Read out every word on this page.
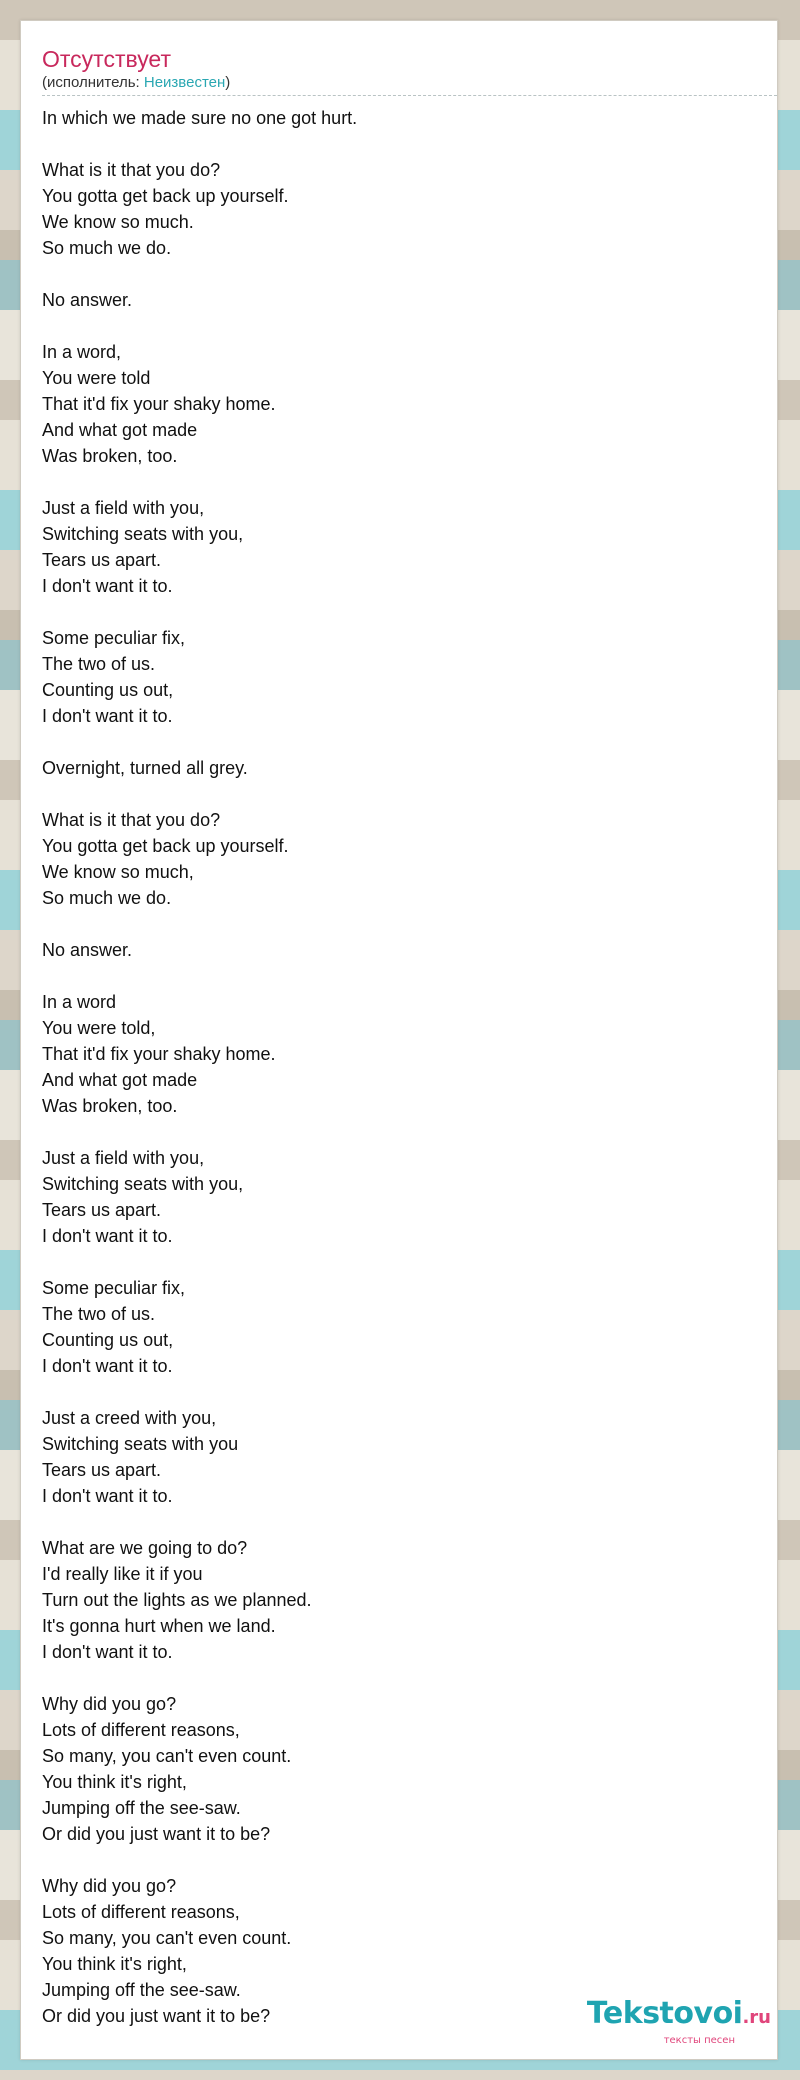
Отсутствует
(исполнитель: Неизвестен)
In which we made sure no one got hurt.

What is it that you do?
You gotta get back up yourself.
We know so much.
So much we do.

No answer.

In a word,
You were told
That it'd fix your shaky home.
And what got made
Was broken, too.

Just a field with you,
Switching seats with you,
Tears us apart.
I don't want it to.

Some peculiar fix,
The two of us.
Counting us out,
I don't want it to.

Overnight, turned all grey.

What is it that you do?
You gotta get back up yourself.
We know so much,
So much we do.

No answer.

In a word
You were told,
That it'd fix your shaky home.
And what got made
Was broken, too.

Just a field with you,
Switching seats with you,
Tears us apart.
I don't want it to.

Some peculiar fix,
The two of us.
Counting us out,
I don't want it to.

Just a creed with you,
Switching seats with you
Tears us apart.
I don't want it to.

What are we going to do?
I'd really like it if you
Turn out the lights as we planned.
It's gonna hurt when we land.
I don't want it to.

Why did you go?
Lots of different reasons,
So many, you can't even count.
You think it's right,
Jumping off the see-saw.
Or did you just want it to be?

Why did you go?
Lots of different reasons,
So many, you can't even count.
You think it's right,
Jumping off the see-saw.
Or did you just want it to be?	Tekstovoi.ru
тексты песен
